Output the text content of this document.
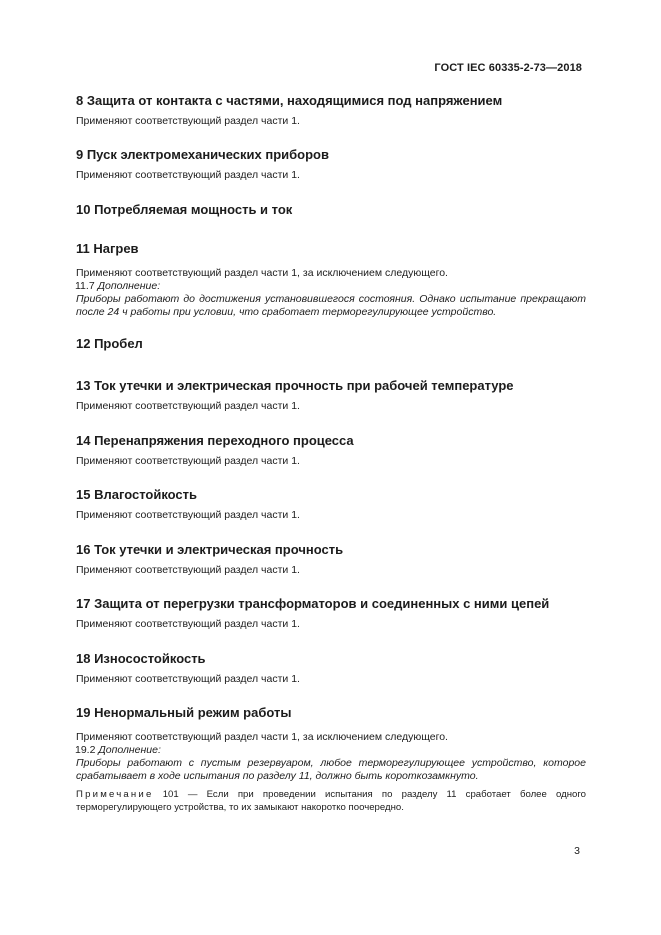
ГОСТ IEC 60335-2-73—2018
8 Защита от контакта с частями, находящимися под напряжением
Применяют соответствующий раздел части 1.
9 Пуск электромеханических приборов
Применяют соответствующий раздел части 1.
10 Потребляемая мощность и ток
11 Нагрев
Применяют соответствующий раздел части 1, за исключением следующего.
11.7 Дополнение:
Приборы работают до достижения установившегося состояния. Однако испытание прекращают после 24 ч работы при условии, что сработает терморегулирующее устройство.
12 Пробел
13 Ток утечки и электрическая прочность при рабочей температуре
Применяют соответствующий раздел части 1.
14 Перенапряжения переходного процесса
Применяют соответствующий раздел части 1.
15 Влагостойкость
Применяют соответствующий раздел части 1.
16 Ток утечки и электрическая прочность
Применяют соответствующий раздел части 1.
17 Защита от перегрузки трансформаторов и соединенных с ними цепей
Применяют соответствующий раздел части 1.
18 Износостойкость
Применяют соответствующий раздел части 1.
19 Ненормальный режим работы
Применяют соответствующий раздел части 1, за исключением следующего.
19.2 Дополнение:
Приборы работают с пустым резервуаром, любое терморегулирующее устройство, которое срабатывает в ходе испытания по разделу 11, должно быть короткозамкнуто.
Примечание 101 — Если при проведении испытания по разделу 11 сработает более одного терморегулирующего устройства, то их замыкают накоротко поочередно.
3
